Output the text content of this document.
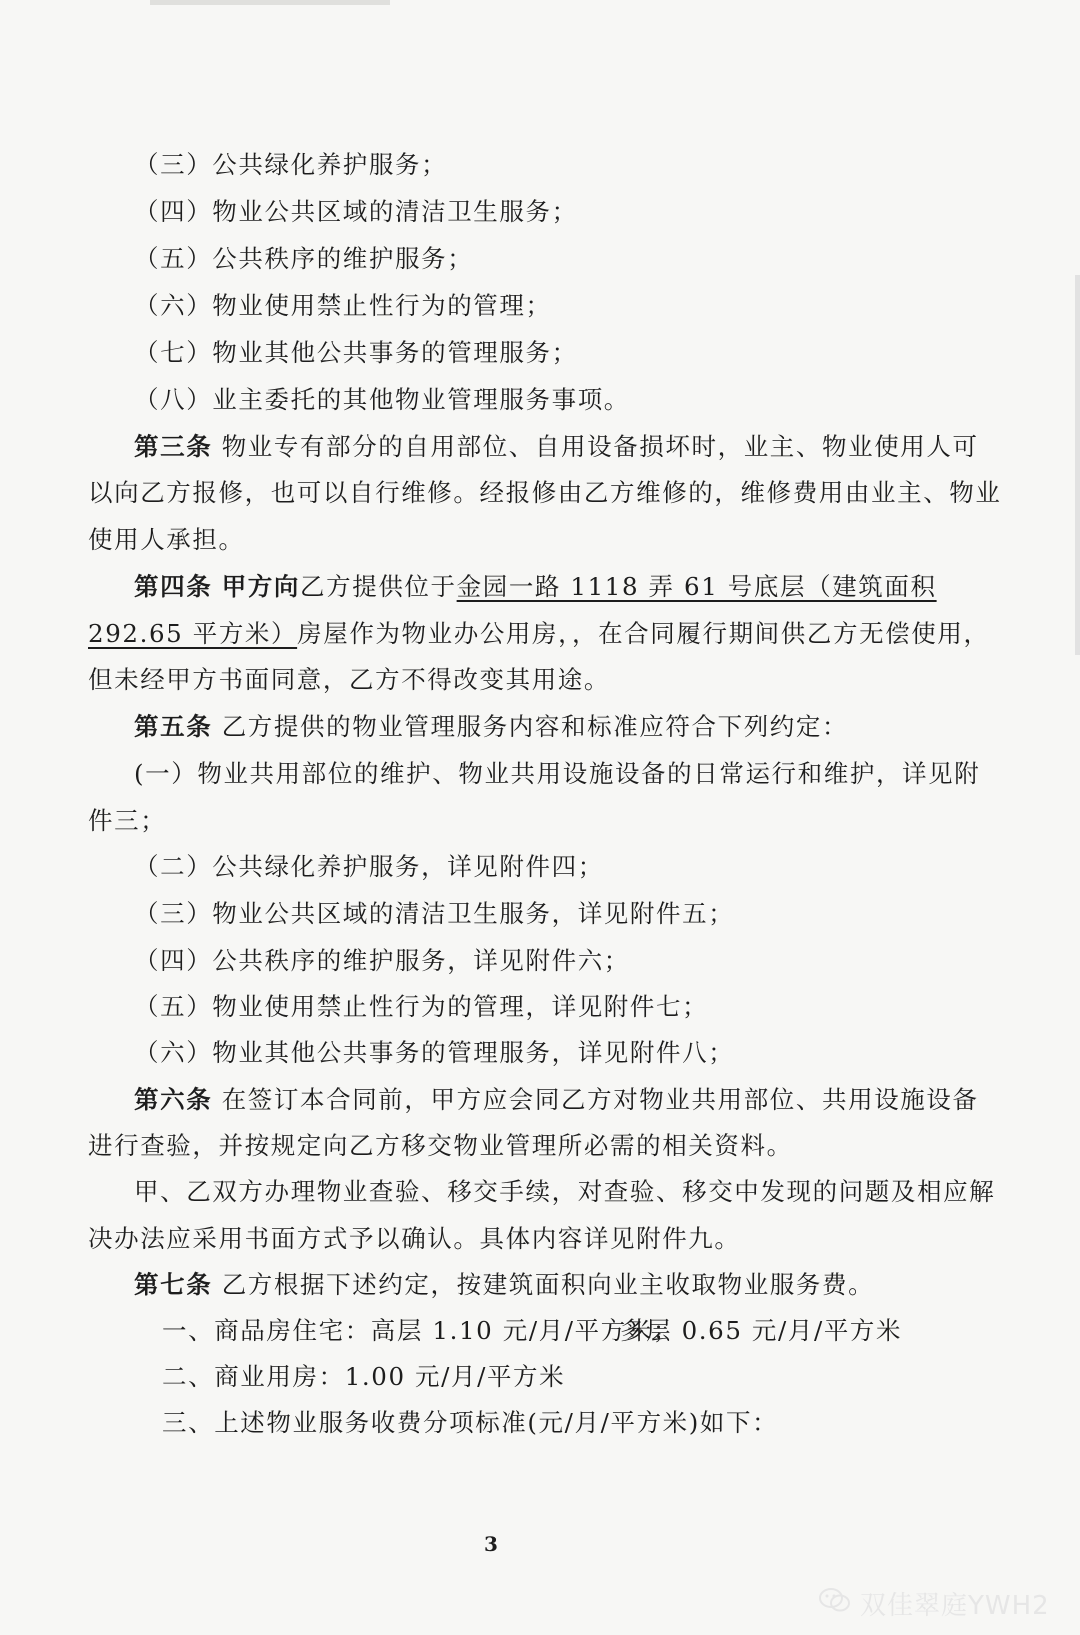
（三）公共绿化养护服务；
（四）物业公共区域的清洁卫生服务；
（五）公共秩序的维护服务；
（六）物业使用禁止性行为的管理；
（七）物业其他公共事务的管理服务；
（八）业主委托的其他物业管理服务事项。
第三条 物业专有部分的自用部位、自用设备损坏时，业主、物业使用人可
以向乙方报修，也可以自行维修。经报修由乙方维修的，维修费用由业主、物业
使用人承担。
第四条 甲方向乙方提供位于金园一路 1118 弄 61 号底层（建筑面积
292.65 平方米）房屋作为物业办公用房，，在合同履行期间供乙方无偿使用，
但未经甲方书面同意，乙方不得改变其用途。
第五条 乙方提供的物业管理服务内容和标准应符合下列约定：
(一）物业共用部位的维护、物业共用设施设备的日常运行和维护，详见附
件三；
（二）公共绿化养护服务，详见附件四；
（三）物业公共区域的清洁卫生服务，详见附件五；
（四）公共秩序的维护服务，详见附件六；
（五）物业使用禁止性行为的管理，详见附件七；
（六）物业其他公共事务的管理服务，详见附件八；
第六条 在签订本合同前，甲方应会同乙方对物业共用部位、共用设施设备
进行查验，并按规定向乙方移交物业管理所必需的相关资料。
甲、乙双方办理物业查验、移交手续，对查验、移交中发现的问题及相应解
决办法应采用书面方式予以确认。具体内容详见附件九。
第七条 乙方根据下述约定，按建筑面积向业主收取物业服务费。
一、商品房住宅：高层 1.10 元/月/平方米；
多层 0.65 元/月/平方米
二、商业用房：1.00 元/月/平方米
三、上述物业服务收费分项标准(元/月/平方米)如下：
3
双佳翠庭YWH2
